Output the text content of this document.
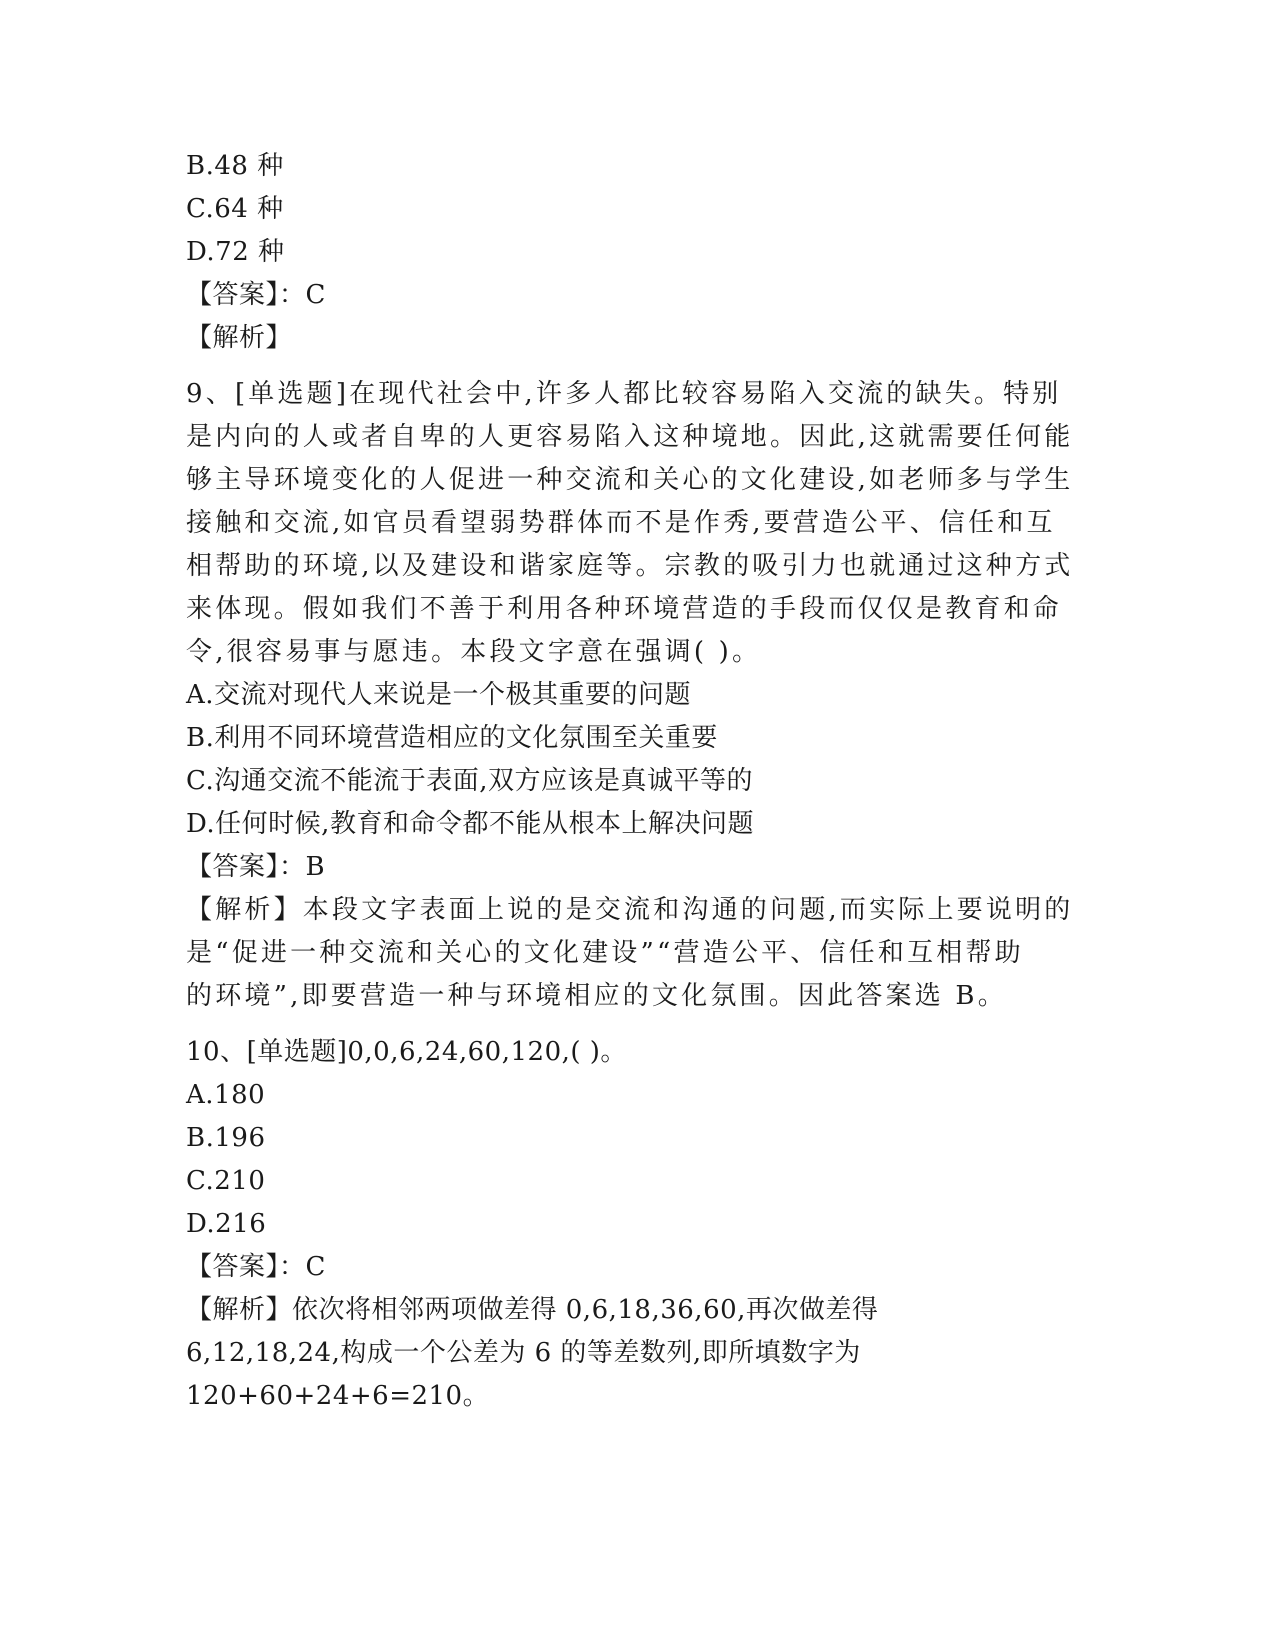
B.48 种
C.64 种
D.72 种
【答案】：C
【解析】
9、[单选题]在现代社会中,许多人都比较容易陷入交流的缺失。特别
是内向的人或者自卑的人更容易陷入这种境地。因此,这就需要任何能
够主导环境变化的人促进一种交流和关心的文化建设,如老师多与学生
接触和交流,如官员看望弱势群体而不是作秀,要营造公平、信任和互
相帮助的环境,以及建设和谐家庭等。宗教的吸引力也就通过这种方式
来体现。假如我们不善于利用各种环境营造的手段而仅仅是教育和命
令,很容易事与愿违。本段文字意在强调( )。
A.交流对现代人来说是一个极其重要的问题
B.利用不同环境营造相应的文化氛围至关重要
C.沟通交流不能流于表面,双方应该是真诚平等的
D.任何时候,教育和命令都不能从根本上解决问题
【答案】：B
【解析】本段文字表面上说的是交流和沟通的问题,而实际上要说明的
是“促进一种交流和关心的文化建设”“营造公平、信任和互相帮助
的环境”,即要营造一种与环境相应的文化氛围。因此答案选 B。
10、[单选题]0,0,6,24,60,120,( )。
A.180
B.196
C.210
D.216
【答案】：C
【解析】依次将相邻两项做差得 0,6,18,36,60,再次做差得
6,12,18,24,构成一个公差为 6 的等差数列,即所填数字为
120+60+24+6=210。
